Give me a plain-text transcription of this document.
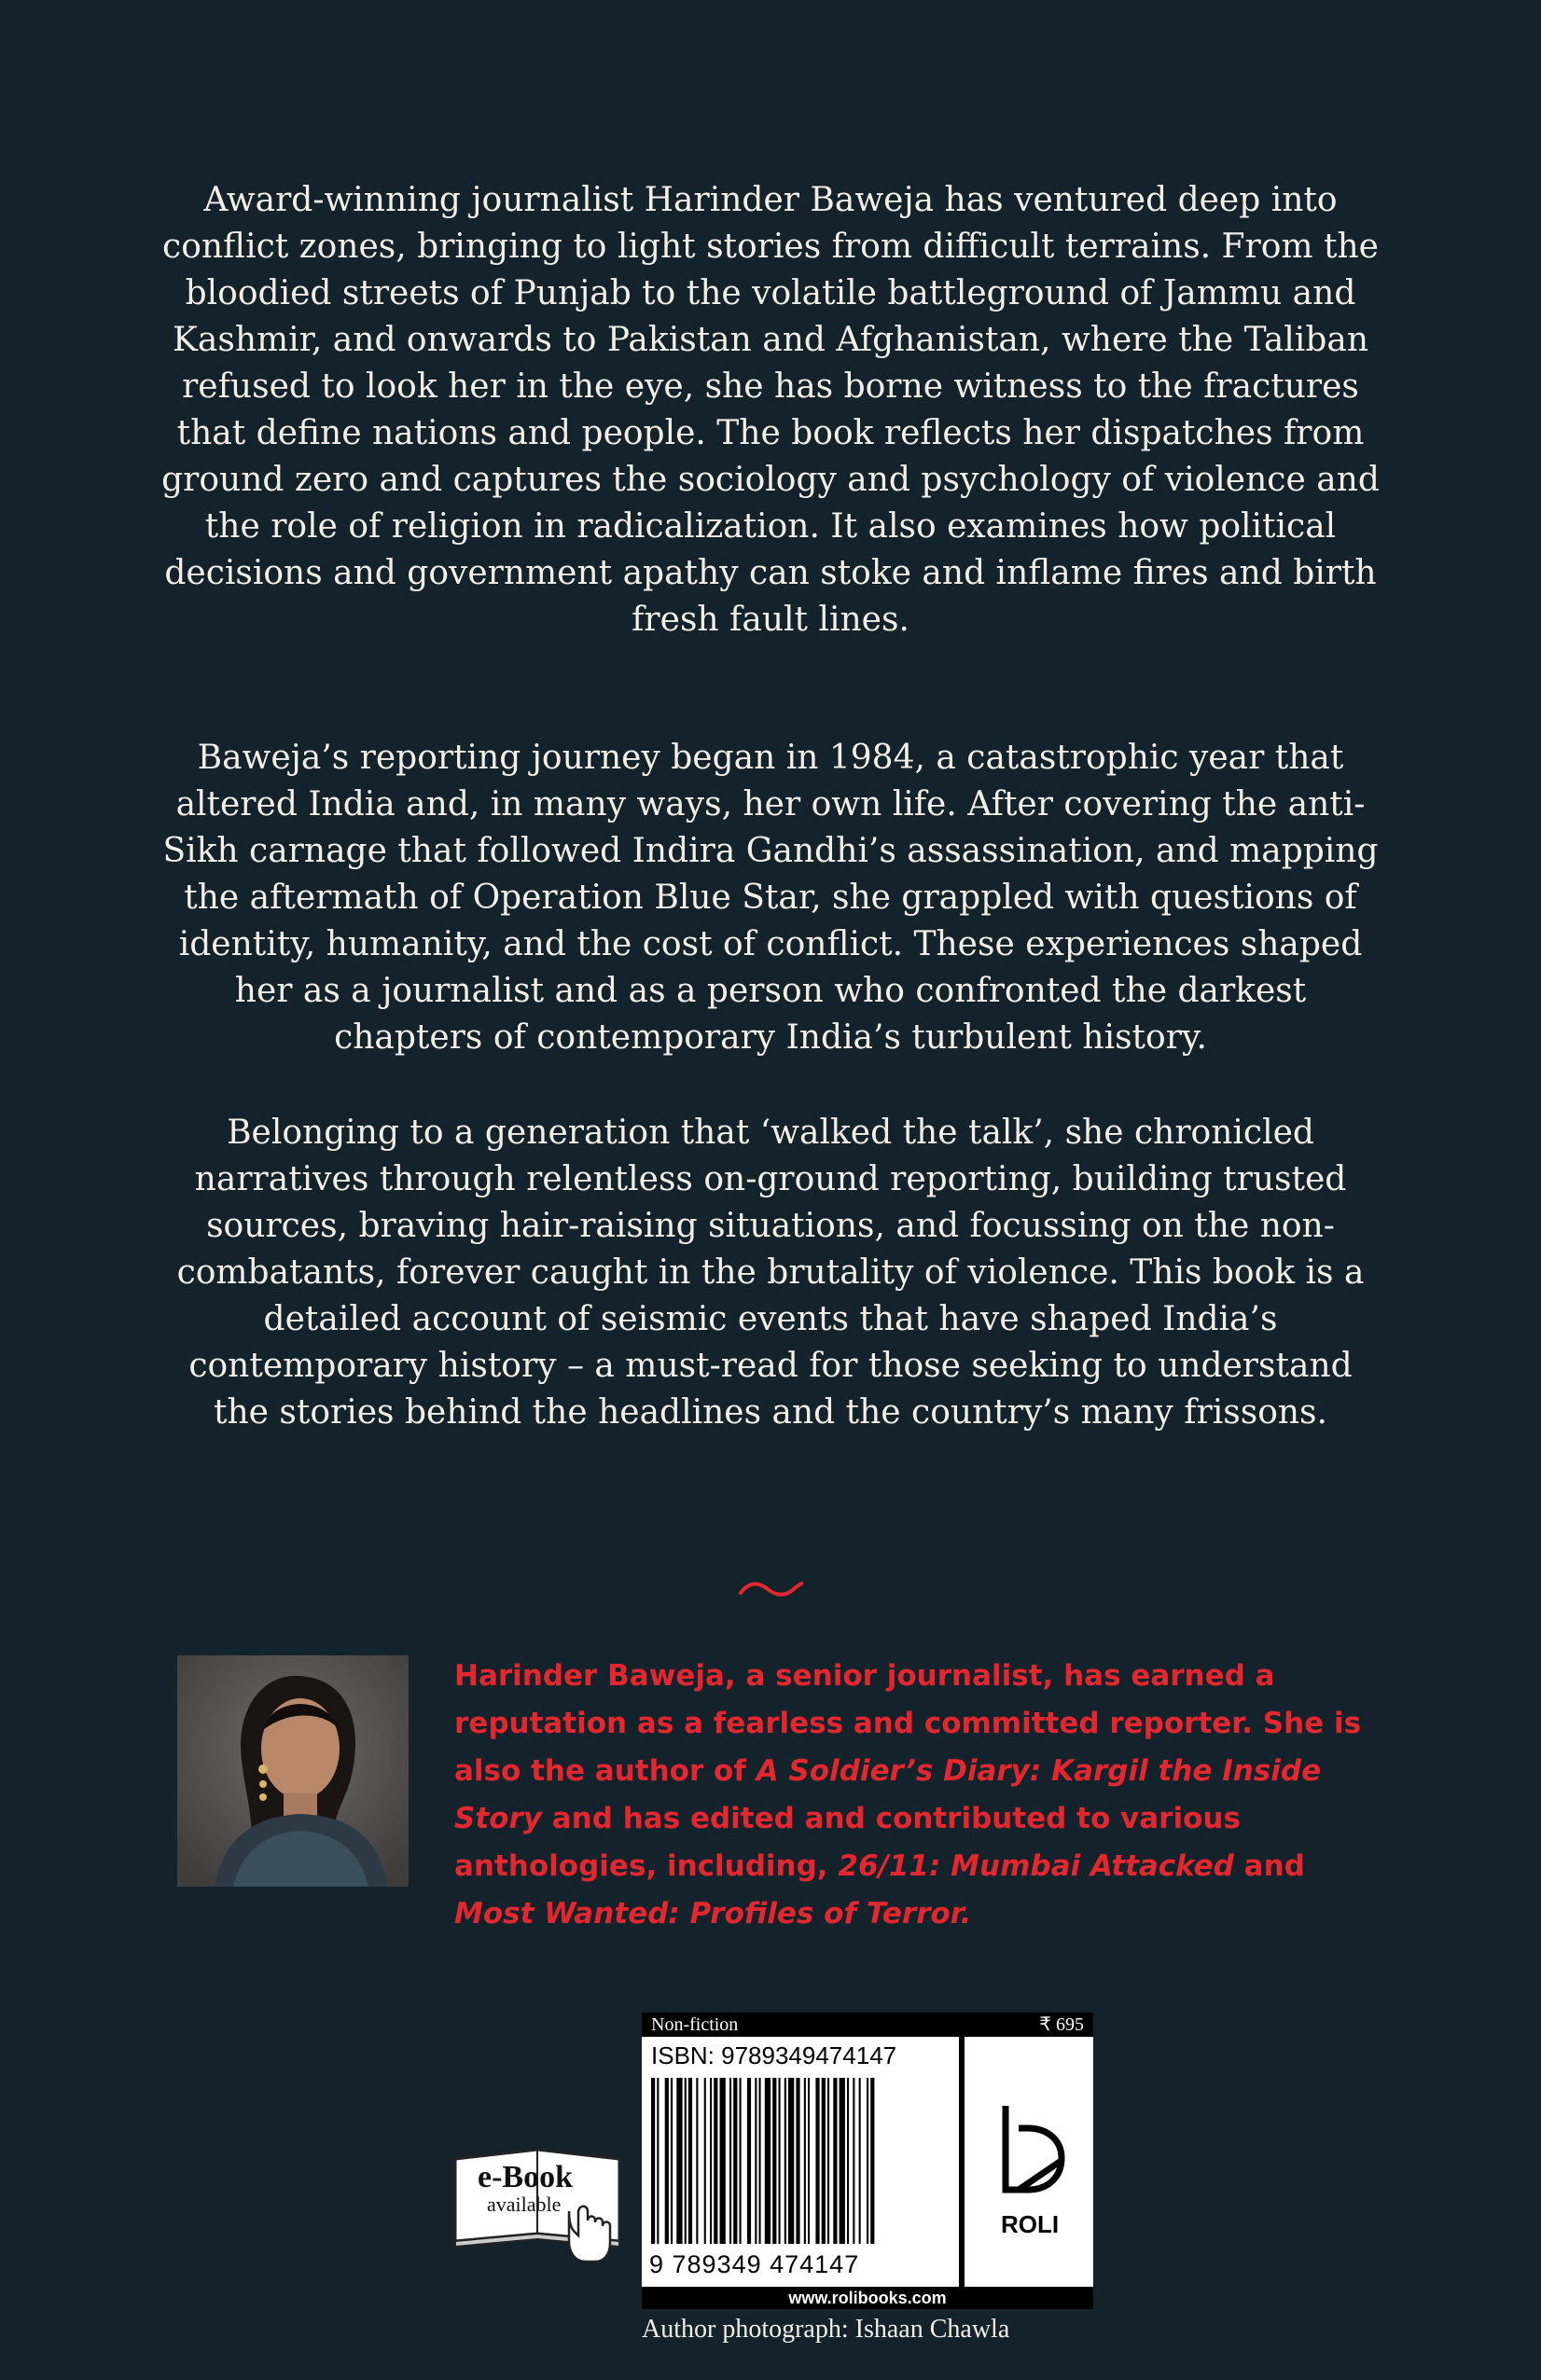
Award-winning journalist Harinder Baweja has ventured deep into conflict zones, bringing to light stories from difficult terrains. From the bloodied streets of Punjab to the volatile battleground of Jammu and Kashmir, and onwards to Pakistan and Afghanistan, where the Taliban refused to look her in the eye, she has borne witness to the fractures that define nations and people. The book reflects her dispatches from ground zero and captures the sociology and psychology of violence and the role of religion in radicalization. It also examines how political decisions and government apathy can stoke and inflame fires and birth fresh fault lines.

Baweja’s reporting journey began in 1984, a catastrophic year that altered India and, in many ways, her own life. After covering the anti-Sikh carnage that followed Indira Gandhi’s assassination, and mapping the aftermath of Operation Blue Star, she grappled with questions of identity, humanity, and the cost of conflict. These experiences shaped her as a journalist and as a person who confronted the darkest chapters of contemporary India’s turbulent history.

Belonging to a generation that ‘walked the talk’, she chronicled narratives through relentless on-ground reporting, building trusted sources, braving hair-raising situations, and focussing on the non-combatants, forever caught in the brutality of violence. This book is a detailed account of seismic events that have shaped India’s contemporary history – a must-read for those seeking to understand the stories behind the headlines and the country’s many frissons.

Harinder Baweja, a senior journalist, has earned a reputation as a fearless and committed reporter. She is also the author of A Soldier’s Diary: Kargil the Inside Story and has edited and contributed to various anthologies, including, 26/11: Mumbai Attacked and Most Wanted: Profiles of Terror.

e-Book
available
Non-fiction	₹ 695
ISBN: 9789349474147
9 789349 474147
ROLI
www.rolibooks.com
Author photograph: Ishaan Chawla
